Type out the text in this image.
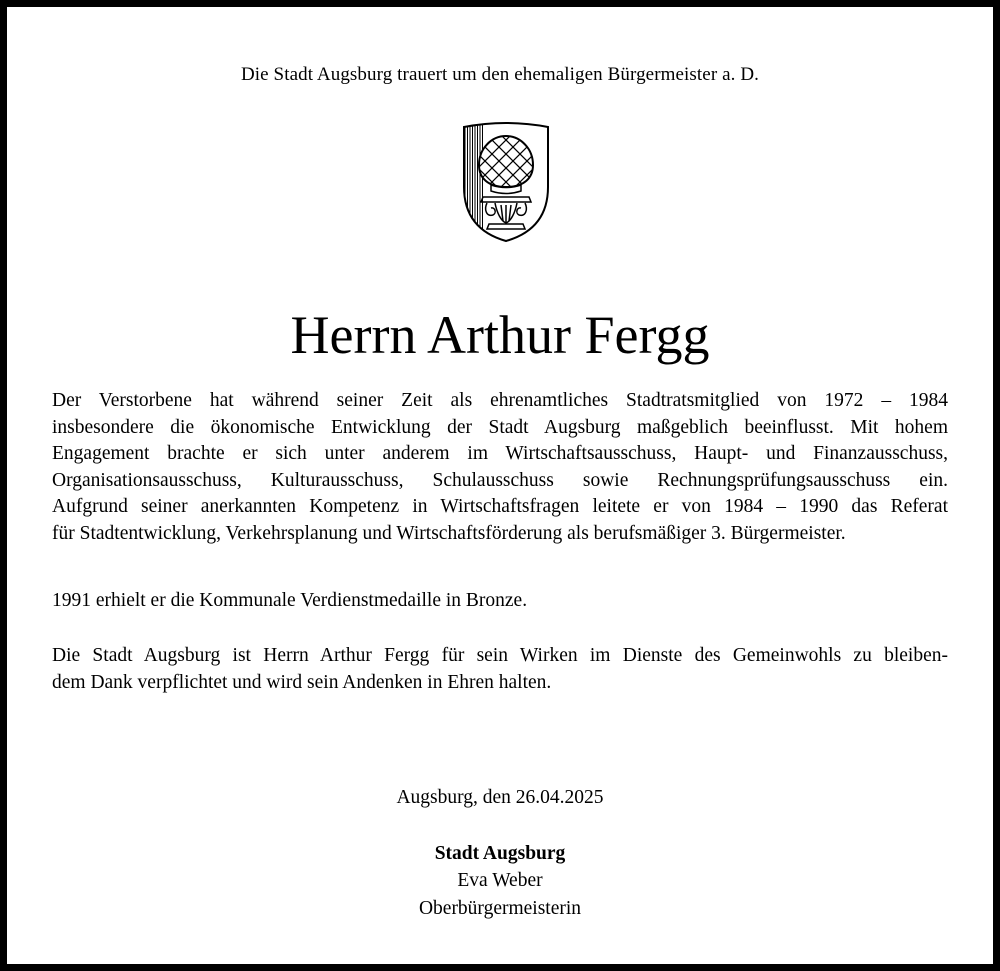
Die Stadt Augsburg trauert um den ehemaligen Bürgermeister a. D.
Herrn Arthur Fergg
Der Verstorbene hat während seiner Zeit als ehrenamtliches Stadtratsmitglied von 1972 – 1984
insbesondere die ökonomische Entwicklung der Stadt Augsburg maßgeblich beeinflusst. Mit hohem
Engagement brachte er sich unter anderem im Wirtschaftsausschuss, Haupt- und Finanzausschuss,
Organisationsausschuss, Kulturausschuss, Schulausschuss sowie Rechnungsprüfungsausschuss ein.
Aufgrund seiner anerkannten Kompetenz in Wirtschaftsfragen leitete er von 1984 – 1990 das Referat
für Stadtentwicklung, Verkehrsplanung und Wirtschaftsförderung als berufsmäßiger 3. Bürgermeister.
1991 erhielt er die Kommunale Verdienstmedaille in Bronze.
Die Stadt Augsburg ist Herrn Arthur Fergg für sein Wirken im Dienste des Gemeinwohls zu bleiben-
dem Dank verpflichtet und wird sein Andenken in Ehren halten.
Augsburg, den 26.04.2025
Stadt Augsburg
Eva Weber
Oberbürgermeisterin
